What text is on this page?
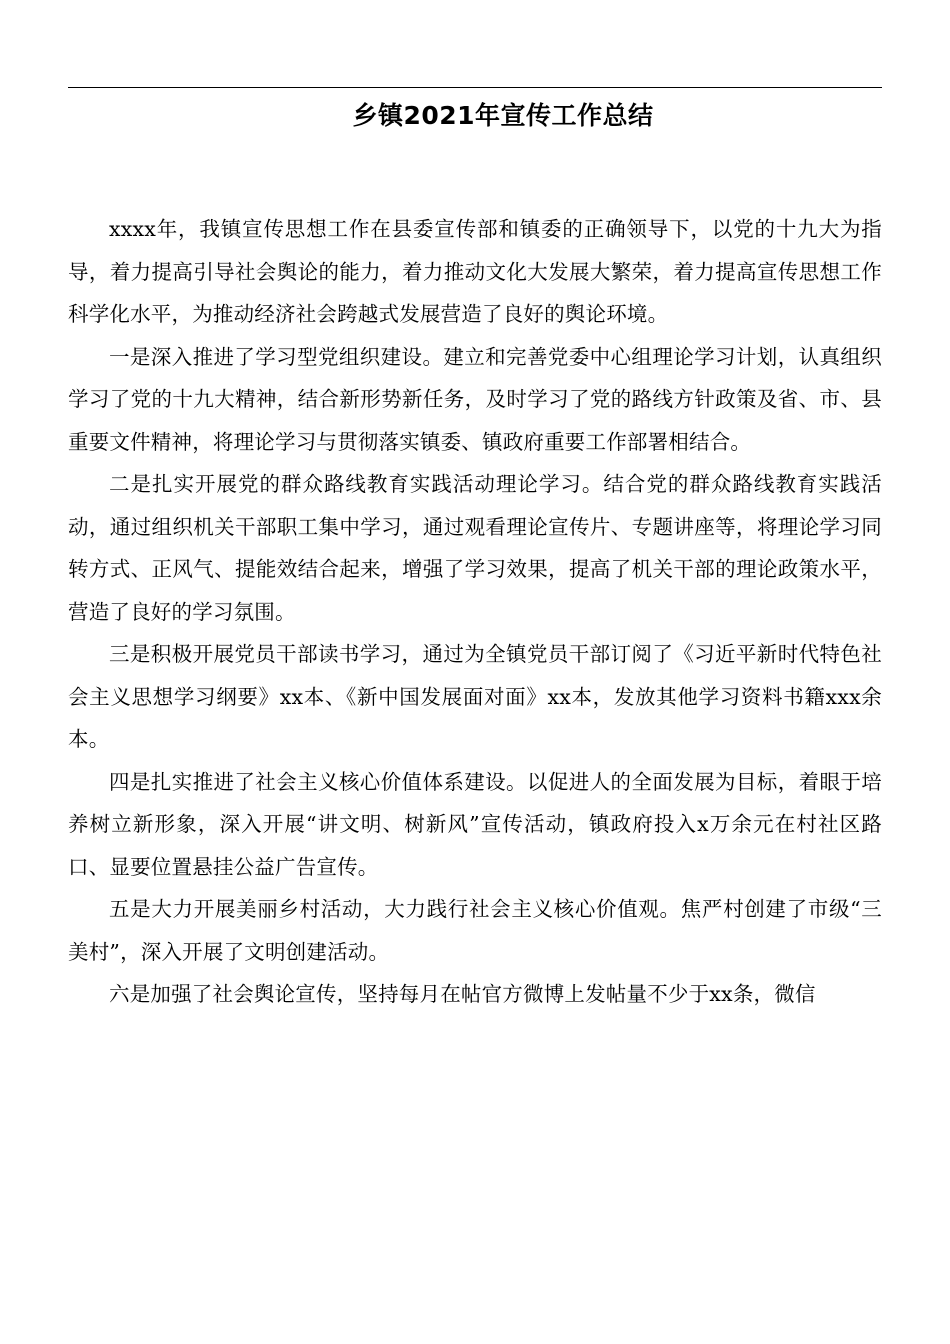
乡镇2021年宣传工作总结

xxxx年，我镇宣传思想工作在县委宣传部和镇委的正确领导下，以党的十九大为指导，着力提高引导社会舆论的能力，着力推动文化大发展大繁荣，着力提高宣传思想工作科学化水平，为推动经济社会跨越式发展营造了良好的舆论环境。

一是深入推进了学习型党组织建设。建立和完善党委中心组理论学习计划，认真组织学习了党的十九大精神，结合新形势新任务，及时学习了党的路线方针政策及省、市、县重要文件精神，将理论学习与贯彻落实镇委、镇政府重要工作部署相结合。

二是扎实开展党的群众路线教育实践活动理论学习。结合党的群众路线教育实践活动，通过组织机关干部职工集中学习，通过观看理论宣传片、专题讲座等，将理论学习同转方式、正风气、提能效结合起来，增强了学习效果，提高了机关干部的理论政策水平，营造了良好的学习氛围。

三是积极开展党员干部读书学习，通过为全镇党员干部订阅了《习近平新时代特色社会主义思想学习纲要》xx本、《新中国发展面对面》xx本，发放其他学习资料书籍xxx余本。

四是扎实推进了社会主义核心价值体系建设。以促进人的全面发展为目标，着眼于培养树立新形象，深入开展“讲文明、树新风”宣传活动，镇政府投入x万余元在村社区路口、显要位置悬挂公益广告宣传。

五是大力开展美丽乡村活动，大力践行社会主义核心价值观。焦严村创建了市级“三美村”，深入开展了文明创建活动。

六是加强了社会舆论宣传，坚持每月在帖官方微博上发帖量不少于xx条，微信
